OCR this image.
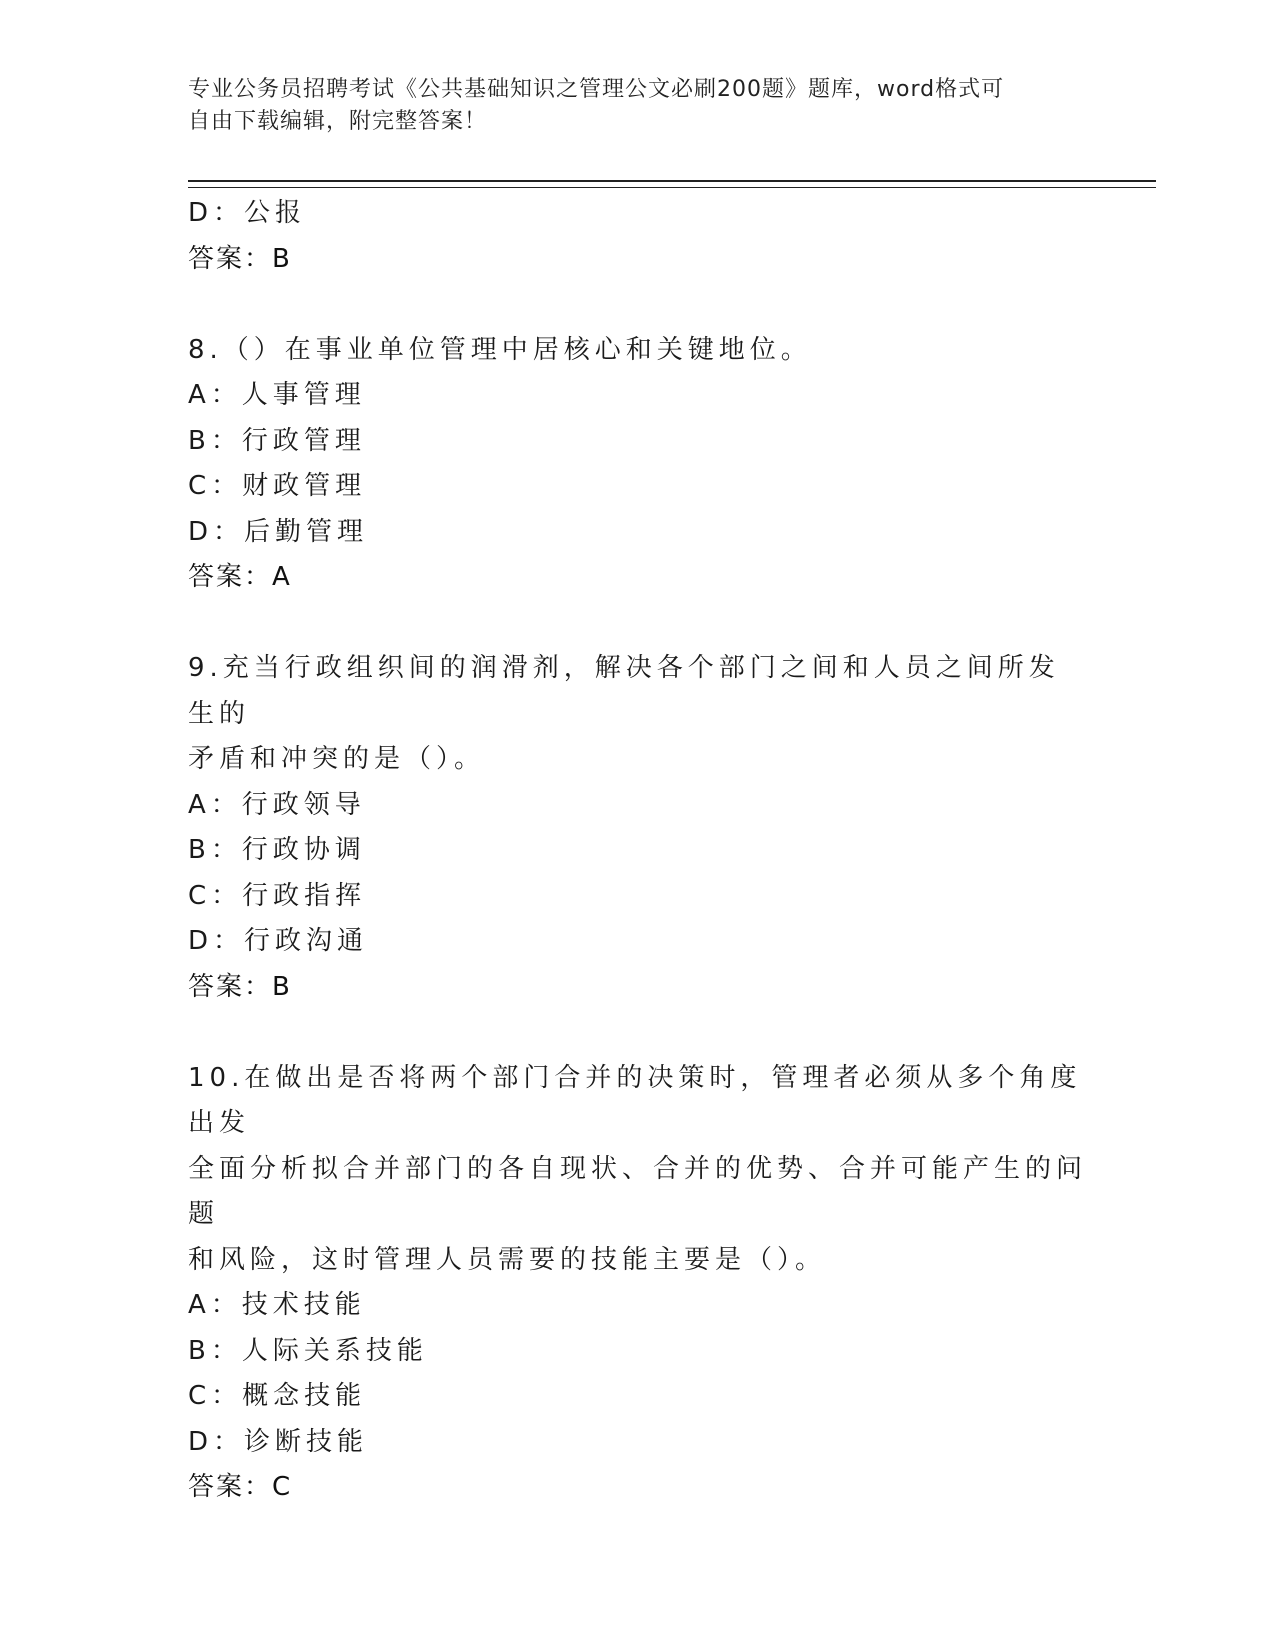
专业公务员招聘考试《公共基础知识之管理公文必刷200题》题库，word格式可
自由下载编辑，附完整答案！
D：公报
答案：B
8.（）在事业单位管理中居核心和关键地位。
A：人事管理
B：行政管理
C：财政管理
D：后勤管理
答案：A
9.充当行政组织间的润滑剂，解决各个部门之间和人员之间所发生的
矛盾和冲突的是（）。
A：行政领导
B：行政协调
C：行政指挥
D：行政沟通
答案：B
10.在做出是否将两个部门合并的决策时，管理者必须从多个角度出发
全面分析拟合并部门的各自现状、合并的优势、合并可能产生的问题
和风险，这时管理人员需要的技能主要是（）。
A：技术技能
B：人际关系技能
C：概念技能
D：诊断技能
答案：C
